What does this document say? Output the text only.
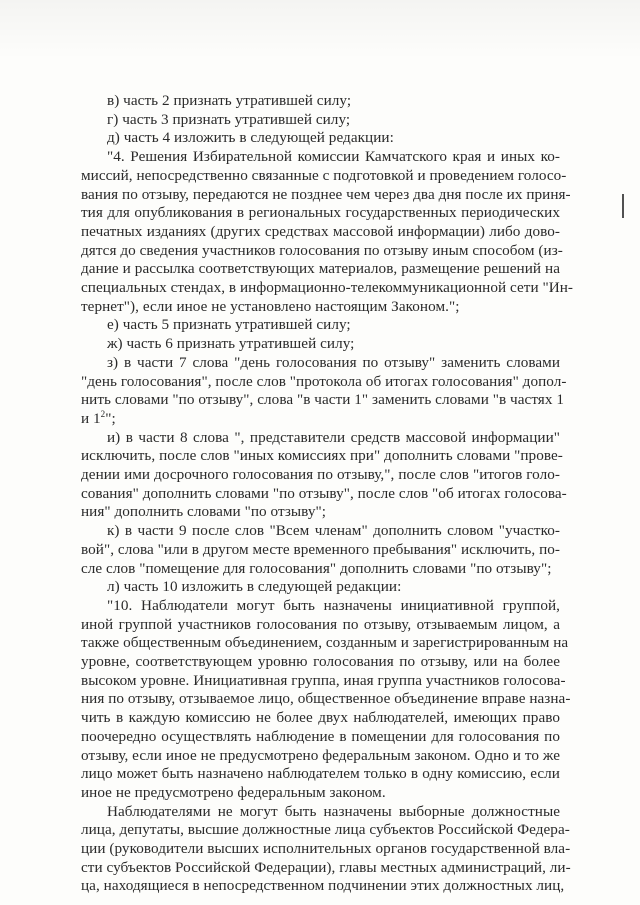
в) часть 2 признать утратившей силу;
г) часть 3 признать утратившей силу;
д) часть 4 изложить в следующей редакции:
"4. Решения Избирательной комиссии Камчатского края и иных ко-
миссий, непосредственно связанные с подготовкой и проведением голосо-
вания по отзыву, передаются не позднее чем через два дня после их приня-
тия для опубликования в региональных государственных периодических
печатных изданиях (других средствах массовой информации) либо дово-
дятся до сведения участников голосования по отзыву иным способом (из-
дание и рассылка соответствующих материалов, размещение решений на
специальных стендах, в информационно-телекоммуникационной сети "Ин-
тернет"), если иное не установлено настоящим Законом.";
е) часть 5 признать утратившей силу;
ж) часть 6 признать утратившей силу;
з) в части 7 слова "день голосования по отзыву" заменить словами
"день голосования", после слов "протокола об итогах голосования" допол-
нить словами "по отзыву", слова "в части 1" заменить словами "в частях 1
и $1^2$";
и) в части 8 слова ", представители средств массовой информации"
исключить, после слов "иных комиссиях при" дополнить словами "прове-
дении ими досрочного голосования по отзыву,", после слов "итогов голо-
сования" дополнить словами "по отзыву", после слов "об итогах голосова-
ния" дополнить словами "по отзыву";
к) в части 9 после слов "Всем членам" дополнить словом "участко-
вой", слова "или в другом месте временного пребывания" исключить, по-
сле слов "помещение для голосования" дополнить словами "по отзыву";
л) часть 10 изложить в следующей редакции:
"10. Наблюдатели могут быть назначены инициативной группой,
иной группой участников голосования по отзыву, отзываемым лицом, а
также общественным объединением, созданным и зарегистрированным на
уровне, соответствующем уровню голосования по отзыву, или на более
высоком уровне. Инициативная группа, иная группа участников голосова-
ния по отзыву, отзываемое лицо, общественное объединение вправе назна-
чить в каждую комиссию не более двух наблюдателей, имеющих право
поочередно осуществлять наблюдение в помещении для голосования по
отзыву, если иное не предусмотрено федеральным законом. Одно и то же
лицо может быть назначено наблюдателем только в одну комиссию, если
иное не предусмотрено федеральным законом.
Наблюдателями не могут быть назначены выборные должностные
лица, депутаты, высшие должностные лица субъектов Российской Федера-
ции (руководители высших исполнительных органов государственной вла-
сти субъектов Российской Федерации), главы местных администраций, ли-
ца, находящиеся в непосредственном подчинении этих должностных лиц,
